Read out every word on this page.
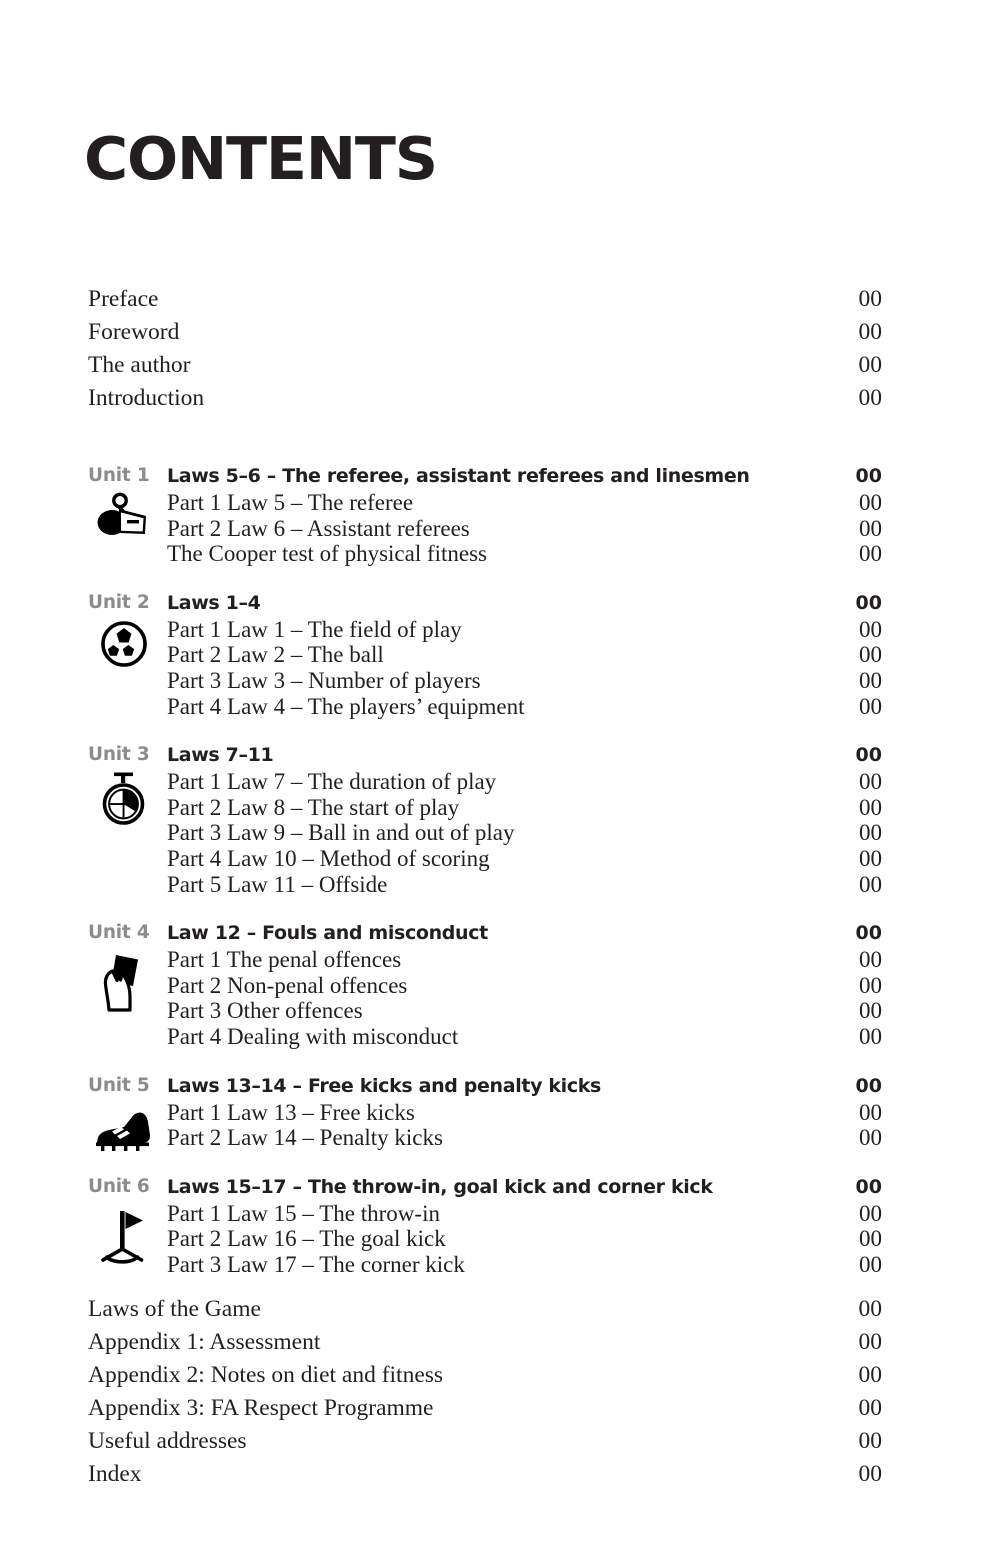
CONTENTS
Preface	00
Foreword	00
The author	00
Introduction	00
Unit 1 Laws 5–6 – The referee, assistant referees and linesmen	00
Part 1 Law 5 – The referee	00
Part 2 Law 6 – Assistant referees	00
The Cooper test of physical fitness	00
Unit 2 Laws 1–4	00
Part 1 Law 1 – The field of play	00
Part 2 Law 2 – The ball	00
Part 3 Law 3 – Number of players	00
Part 4 Law 4 – The players’ equipment	00
Unit 3 Laws 7–11	00
Part 1 Law 7 – The duration of play	00
Part 2 Law 8 – The start of play	00
Part 3 Law 9 – Ball in and out of play	00
Part 4 Law 10 – Method of scoring	00
Part 5 Law 11 – Offside	00
Unit 4 Law 12 – Fouls and misconduct	00
Part 1 The penal offences	00
Part 2 Non-penal offences	00
Part 3 Other offences	00
Part 4 Dealing with misconduct	00
Unit 5 Laws 13–14 – Free kicks and penalty kicks	00
Part 1 Law 13 – Free kicks	00
Part 2 Law 14 – Penalty kicks	00
Unit 6 Laws 15–17 – The throw-in, goal kick and corner kick	00
Part 1 Law 15 – The throw-in	00
Part 2 Law 16 – The goal kick	00
Part 3 Law 17 – The corner kick	00
Laws of the Game	00
Appendix 1: Assessment	00
Appendix 2: Notes on diet and fitness	00
Appendix 3: FA Respect Programme	00
Useful addresses	00
Index	00
